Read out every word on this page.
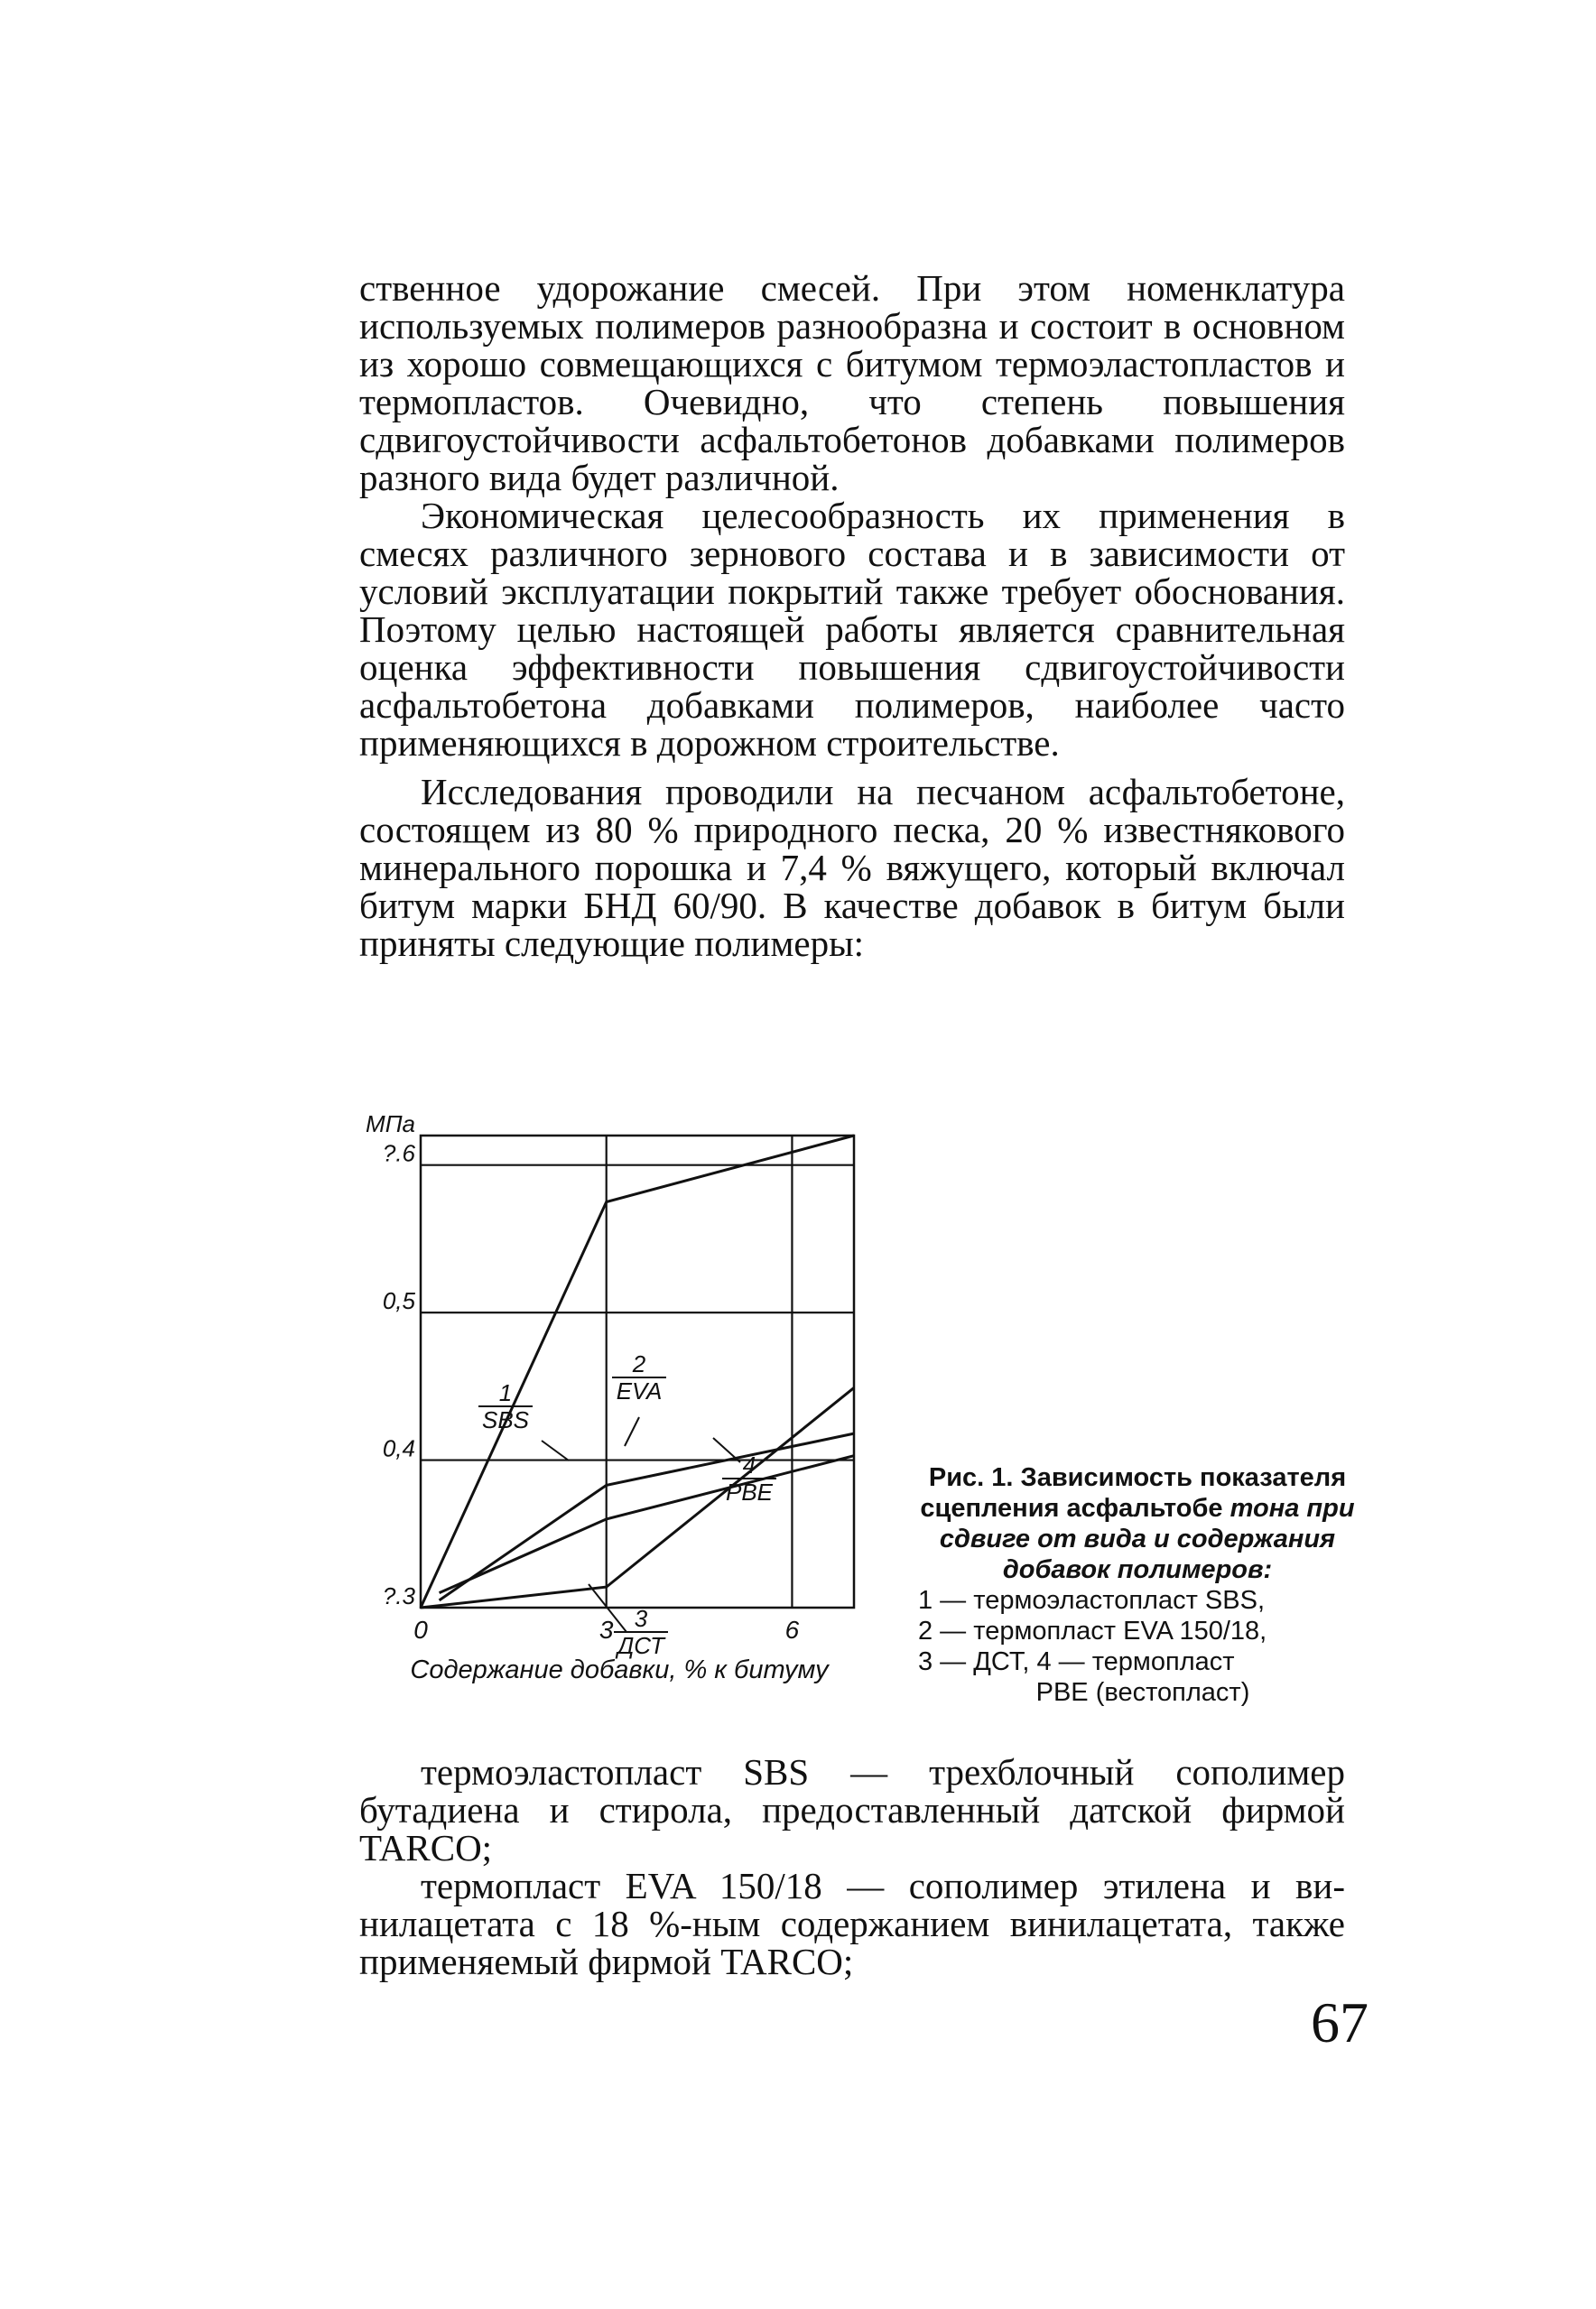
ственное удорожание смесей. При этом номенклатура используемых полимеров разнообразна и состоит в основном из хорошо совмещающихся с битумом термоэластопластов и термопластов. Очевидно, что степень повышения сдвигоустойчивости асфальтобетонов добавками полимеров разного вида будет различной.

Экономическая целесообразность их применения в смесях различного зернового состава и в зависимости от условий эксплуатации покрытий также требует обоснования. Поэтому целью настоящей работы является сравнительная оценка эффективности повышения сдвигоустойчивости асфальтобетона добавками полимеров, наиболее часто применяющихся в дорожном строительстве.

Исследования проводили на песчаном асфальтобетоне, состоящем из 80 % природного песка, 20 % известнякового минерального порошка и 7,4 % вяжущего, который включал битум марки БНД 60/90. В качестве добавок в битум были приняты следующие полимеры:

?.3
0,4
0,5
?.6
МПа
0	3	6
Содержание добавки, % к битуму
1
SBS
2
EVA
3
ДСТ
4
РВЕ	Рис. 1. Зависимость показателя сцепления асфальтобе тона при сдвиге от вида и содержания добавок полимеров:
1 — термоэластопласт SBS,
2 — термопласт EVA 150/18,
3 — ДСТ, 4 — термопласт
РВЕ (вестопласт)

термоэластопласт SBS — трехблочный сополимер бутадиена и стирола, предоставленный датской фирмой TARCO;

термопласт EVA 150/18 — сополимер этилена и винилацетата с 18 %-ным содержанием винилацетата, также применяемый фирмой TARCO;

67
